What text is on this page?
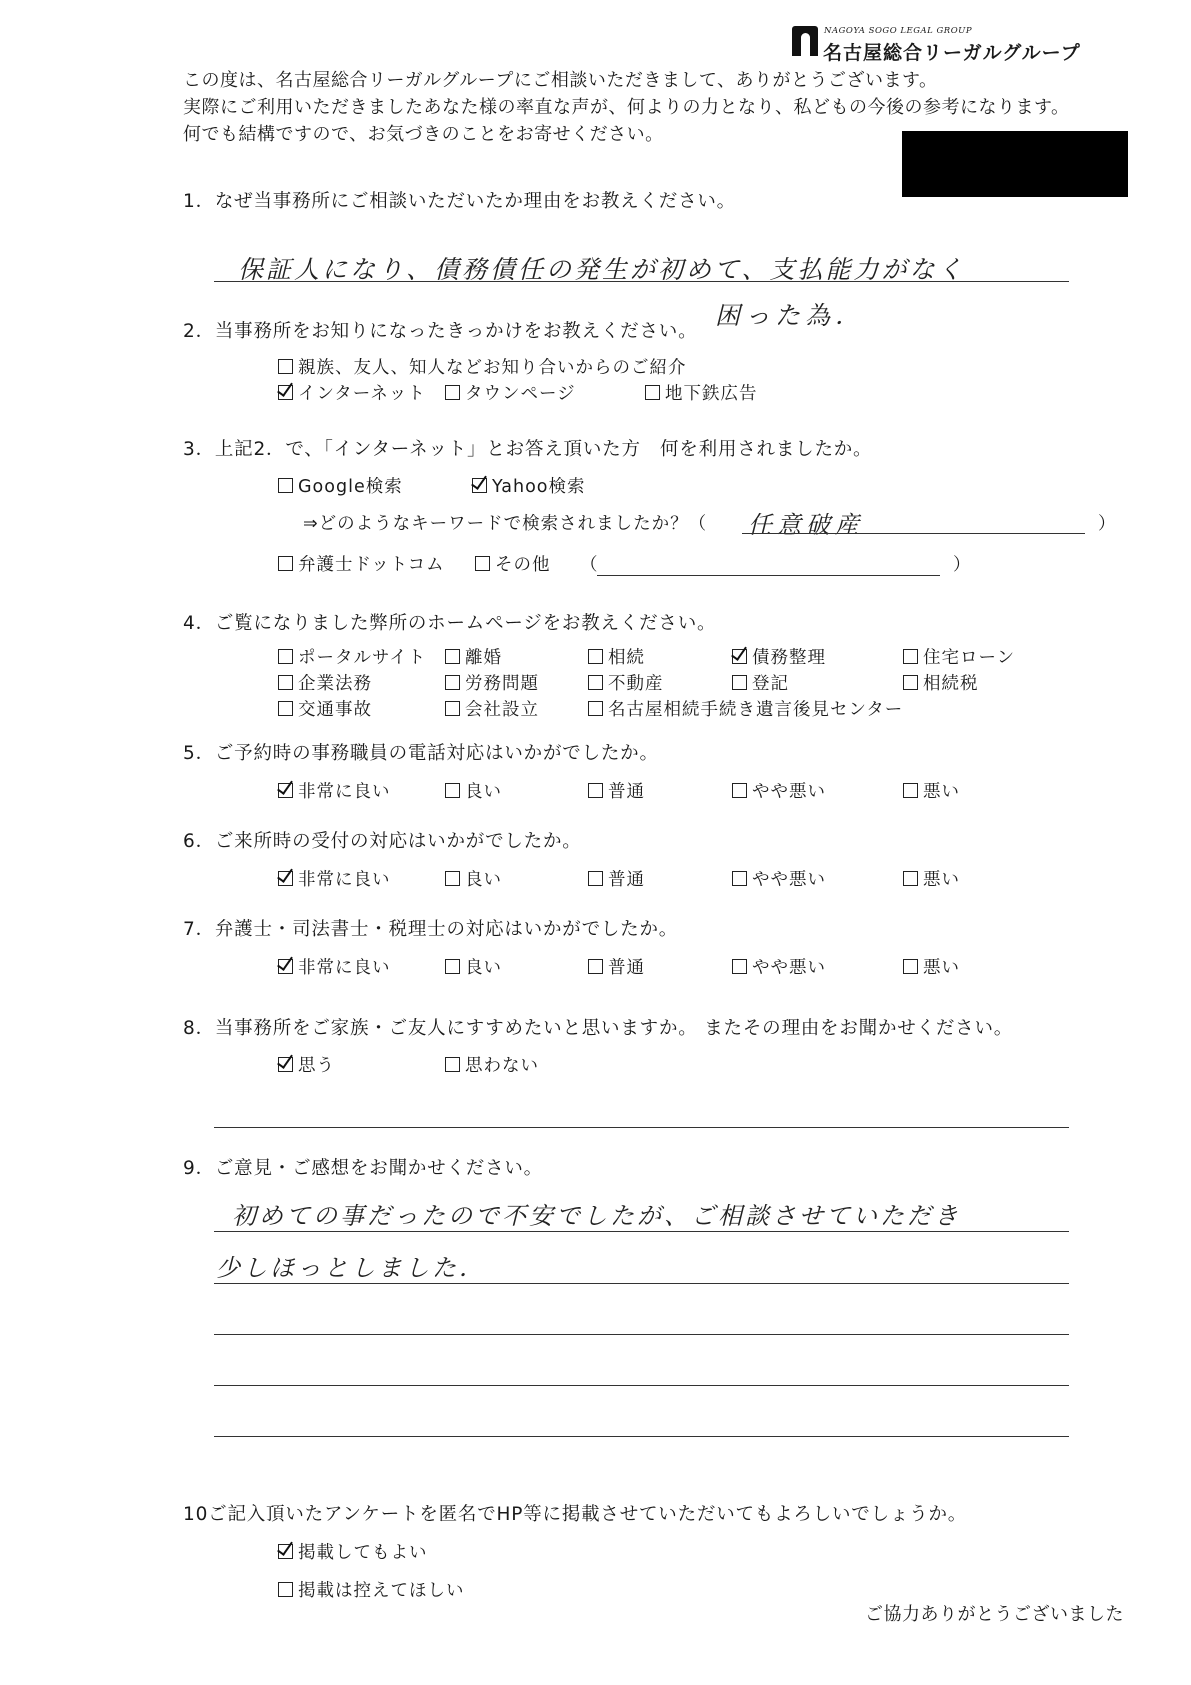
NAGOYA SOGO LEGAL GROUP
名古屋総合リーガルグループ
この度は、名古屋総合リーガルグループにご相談いただきまして、ありがとうございます。
実際にご利用いただきましたあなた様の率直な声が、何よりの力となり、私どもの今後の参考になります。
何でも結構ですので、お気づきのことをお寄せください。
1．なぜ当事務所にご相談いただいたか理由をお教えください。
保証人になり、債務債任の発生が初めて、支払能力がなく
困った為．
2．当事務所をお知りになったきっかけをお教えください。
親族、友人、知人などお知り合いからのご紹介
インターネット	タウンページ	地下鉄広告
3．上記2．で、「インターネット」とお答え頂いた方　何を利用されましたか。
Google検索	Yahoo検索
⇒どのようなキーワードで検索されましたか？（ 任意破産	）
弁護士ドットコム	その他 （	）
4．ご覧になりました弊所のホームページをお教えください。
ポータルサイト	離婚	相続	債務整理	住宅ローン
企業法務	労務問題	不動産	登記	相続税
交通事故	会社設立	名古屋相続手続き遺言後見センター
5．ご予約時の事務職員の電話対応はいかがでしたか。
非常に良い	良い	普通	やや悪い	悪い
6．ご来所時の受付の対応はいかがでしたか。
非常に良い	良い	普通	やや悪い	悪い
7．弁護士・司法書士・税理士の対応はいかがでしたか。
非常に良い	良い	普通	やや悪い	悪い
8．当事務所をご家族・ご友人にすすめたいと思いますか。 またその理由をお聞かせください。
思う	思わない
9．ご意見・ご感想をお聞かせください。
初めての事だったので不安でしたが、ご相談させていただき
少しほっとしました．
10ご記入頂いたアンケートを匿名でHP等に掲載させていただいてもよろしいでしょうか。
掲載してもよい
掲載は控えてほしい
ご協力ありがとうございました
